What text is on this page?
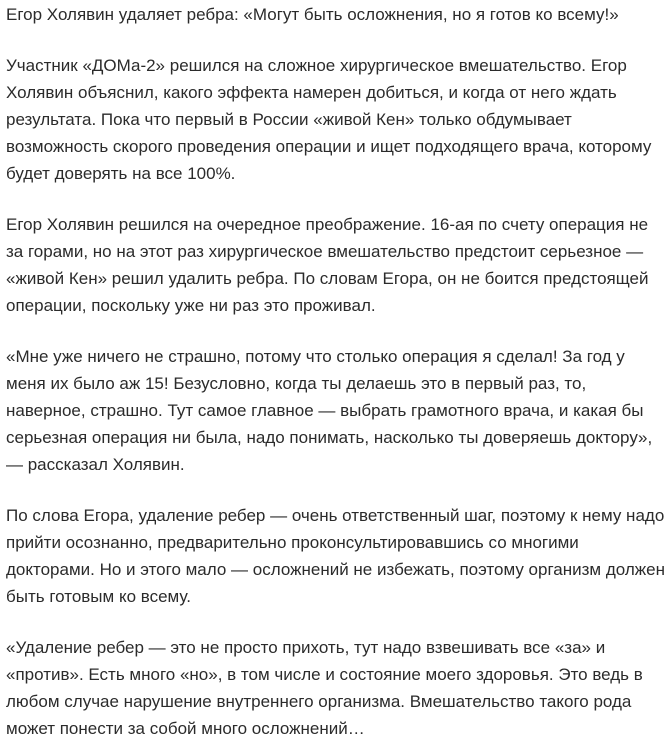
Егор Холявин удаляет ребра: «Могут быть осложнения, но я готов ко всему!»

Участник «ДОМа-2» решился на сложное хирургическое вмешательство. Егор Холявин объяснил, какого эффекта намерен добиться, и когда от него ждать результата. Пока что первый в России «живой Кен» только обдумывает возможность скорого проведения операции и ищет подходящего врача, которому будет доверять на все 100%.

Егор Холявин решился на очередное преображение. 16-ая по счету операция не за горами, но на этот раз хирургическое вмешательство предстоит серьезное — «живой Кен» решил удалить ребра. По словам Егора, он не боится предстоящей операции, поскольку уже ни раз это проживал.

«Мне уже ничего не страшно, потому что столько операция я сделал! За год у меня их было аж 15! Безусловно, когда ты делаешь это в первый раз, то, наверное, страшно. Тут самое главное — выбрать грамотного врача, и какая бы серьезная операция ни была, надо понимать, насколько ты доверяешь доктору», — рассказал Холявин.

По слова Егора, удаление ребер — очень ответственный шаг, поэтому к нему надо прийти осознанно, предварительно проконсультировавшись со многими докторами. Но и этого мало — осложнений не избежать, поэтому организм должен быть готовым ко всему.

«Удаление ребер — это не просто прихоть, тут надо взвешивать все «за» и «против». Есть много «но», в том числе и состояние моего здоровья. Это ведь в любом случае нарушение внутреннего организма. Вмешательство такого рода может понести за собой много осложнений…
